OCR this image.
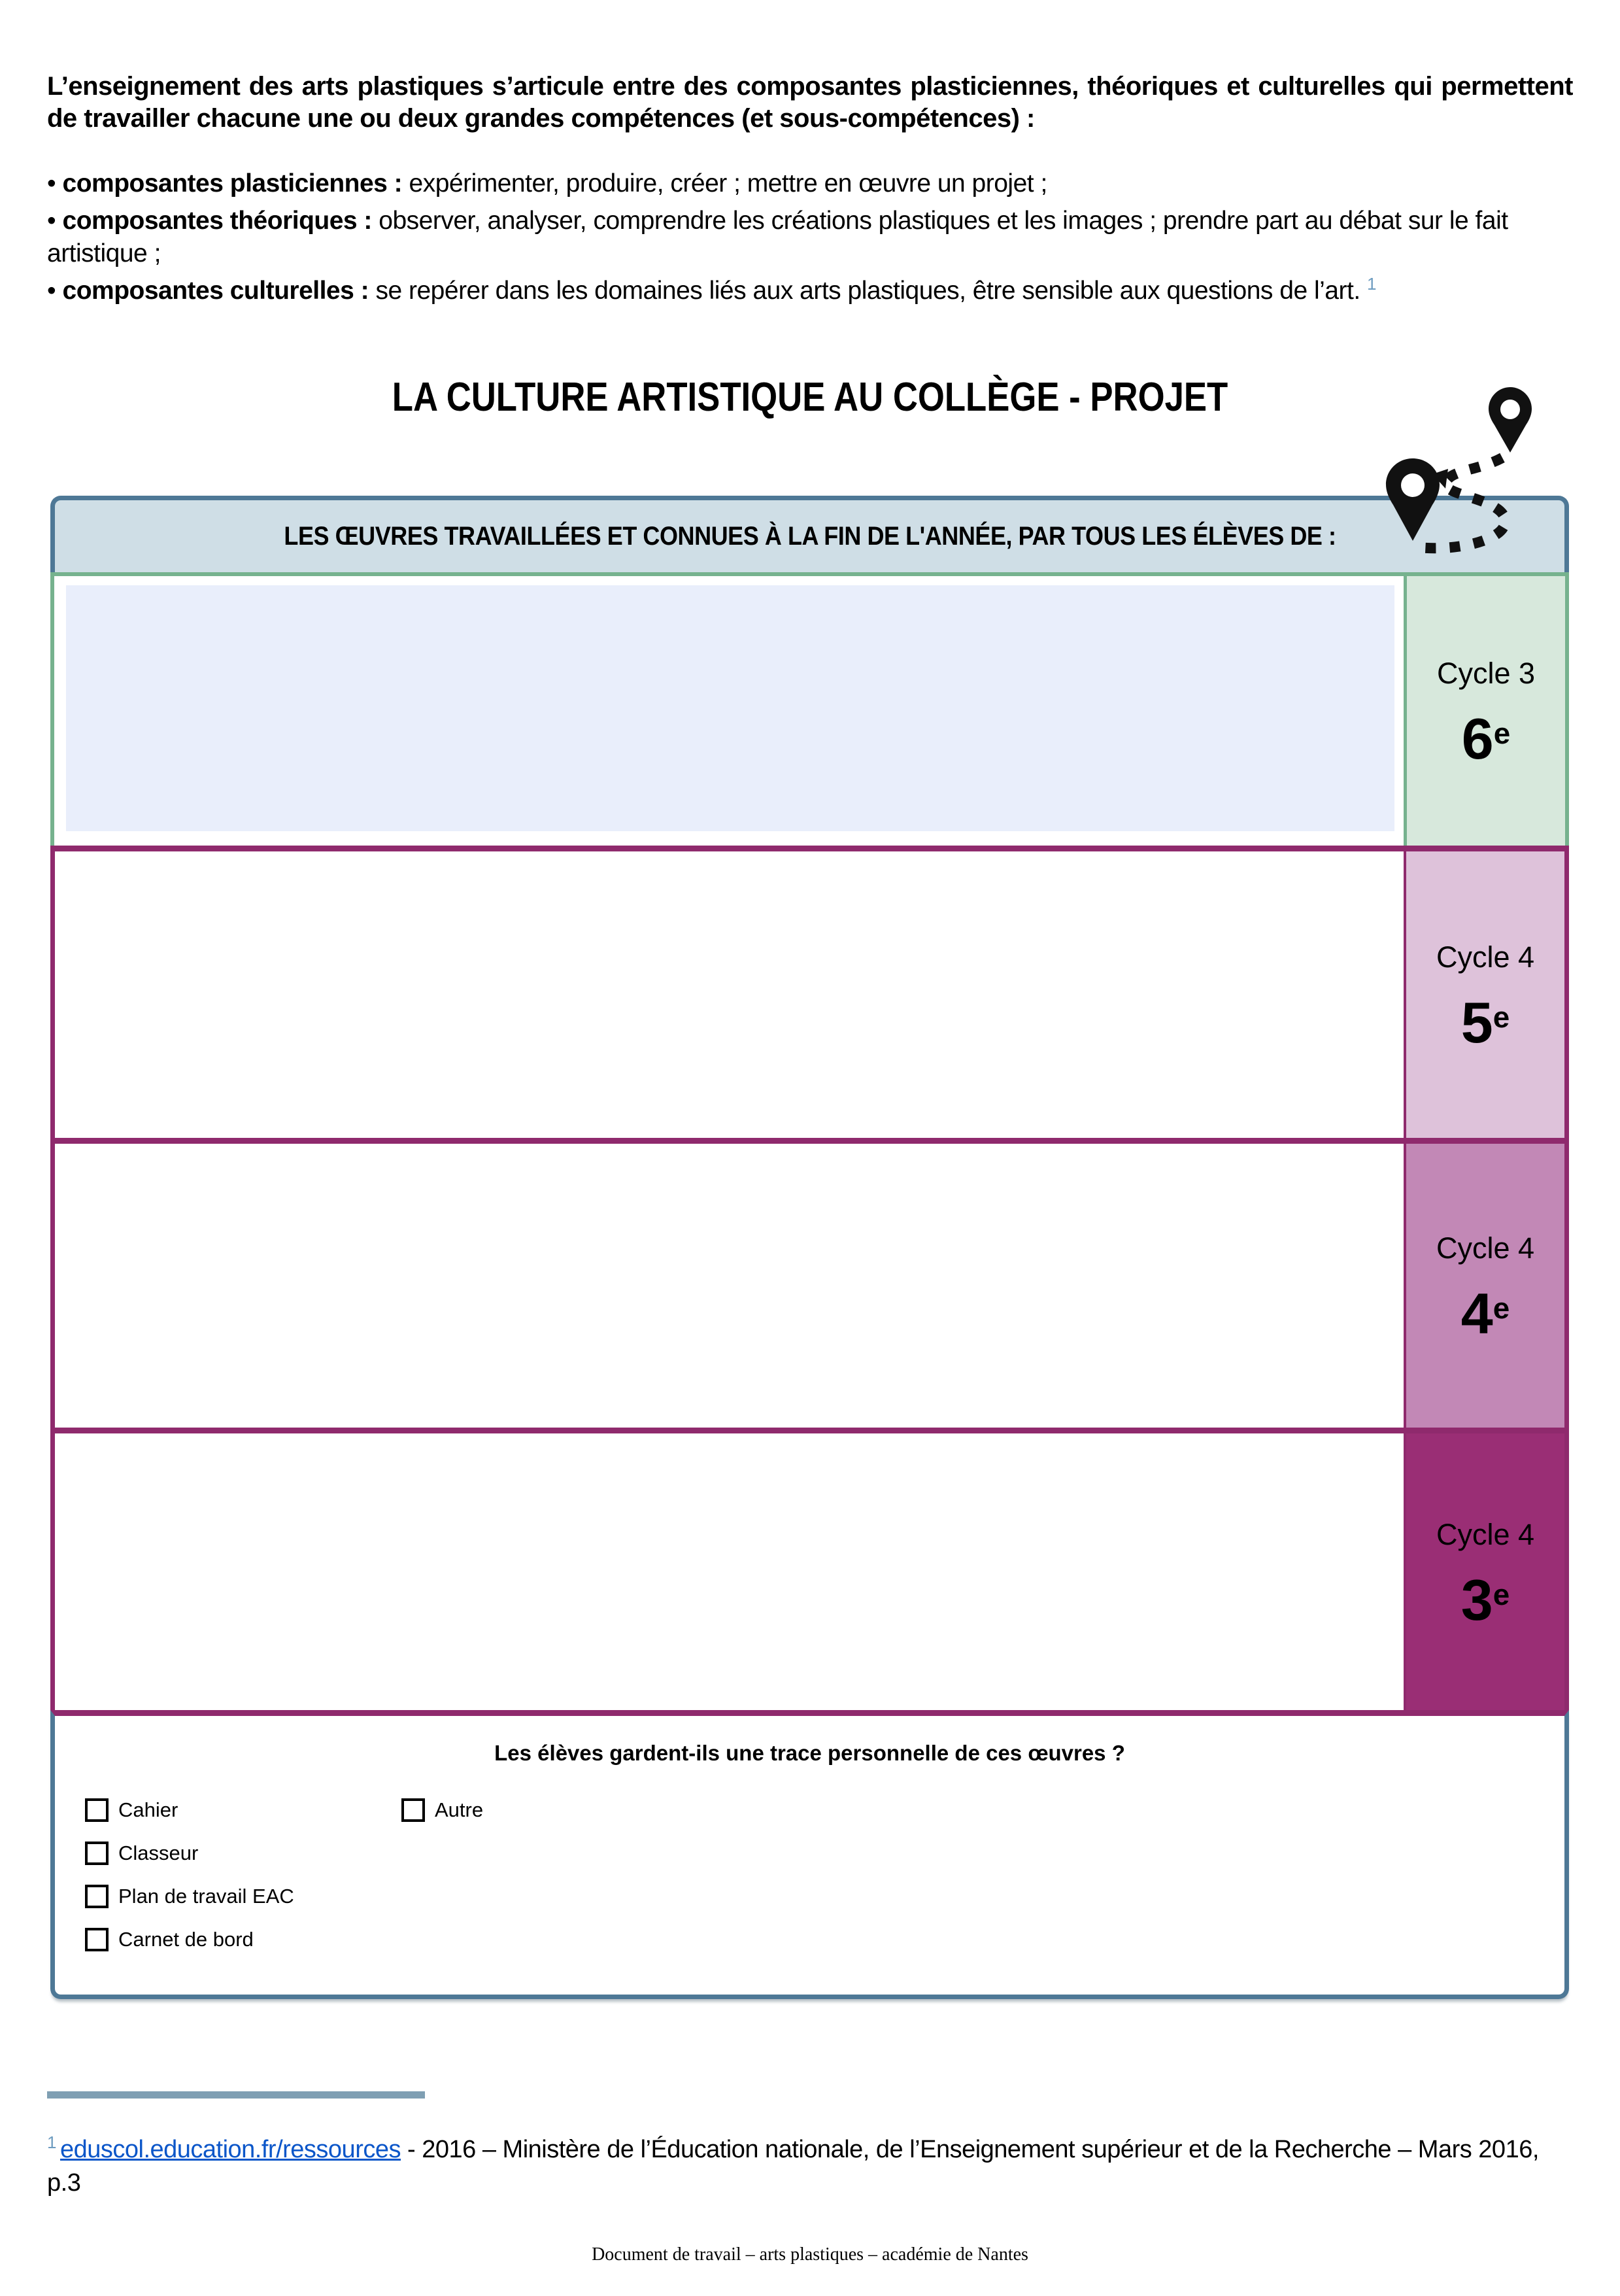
L’enseignement des arts plastiques s’articule entre des composantes plasticiennes, théoriques et culturelles qui permettent de travailler chacune une ou deux grandes compétences (et sous-compétences) :
• composantes plasticiennes : expérimenter, produire, créer ; mettre en œuvre un projet ;
• composantes théoriques : observer, analyser, comprendre les créations plastiques et les images ; prendre part au débat sur le fait artistique ;
• composantes culturelles : se repérer dans les domaines liés aux arts plastiques, être sensible aux questions de l’art. $^1$
LA CULTURE ARTISTIQUE AU COLLÈGE - PROJET
LES ŒUVRES TRAVAILLÉES ET CONNUES À LA FIN DE L'ANNÉE, PAR TOUS LES ÉLÈVES DE :
Cycle 3
6e
Cycle 4
5e
Cycle 4
4e
Cycle 4
3e
Les élèves gardent-ils une trace personnelle de ces œuvres ?
Cahier
Classeur
Plan de travail EAC
Carnet de bord
Autre
$^1$ eduscol.education.fr/ressources - 2016 – Ministère de l’Éducation nationale, de l’Enseignement supérieur et de la Recherche – Mars 2016, p.3
Document de travail – arts plastiques – académie de Nantes
